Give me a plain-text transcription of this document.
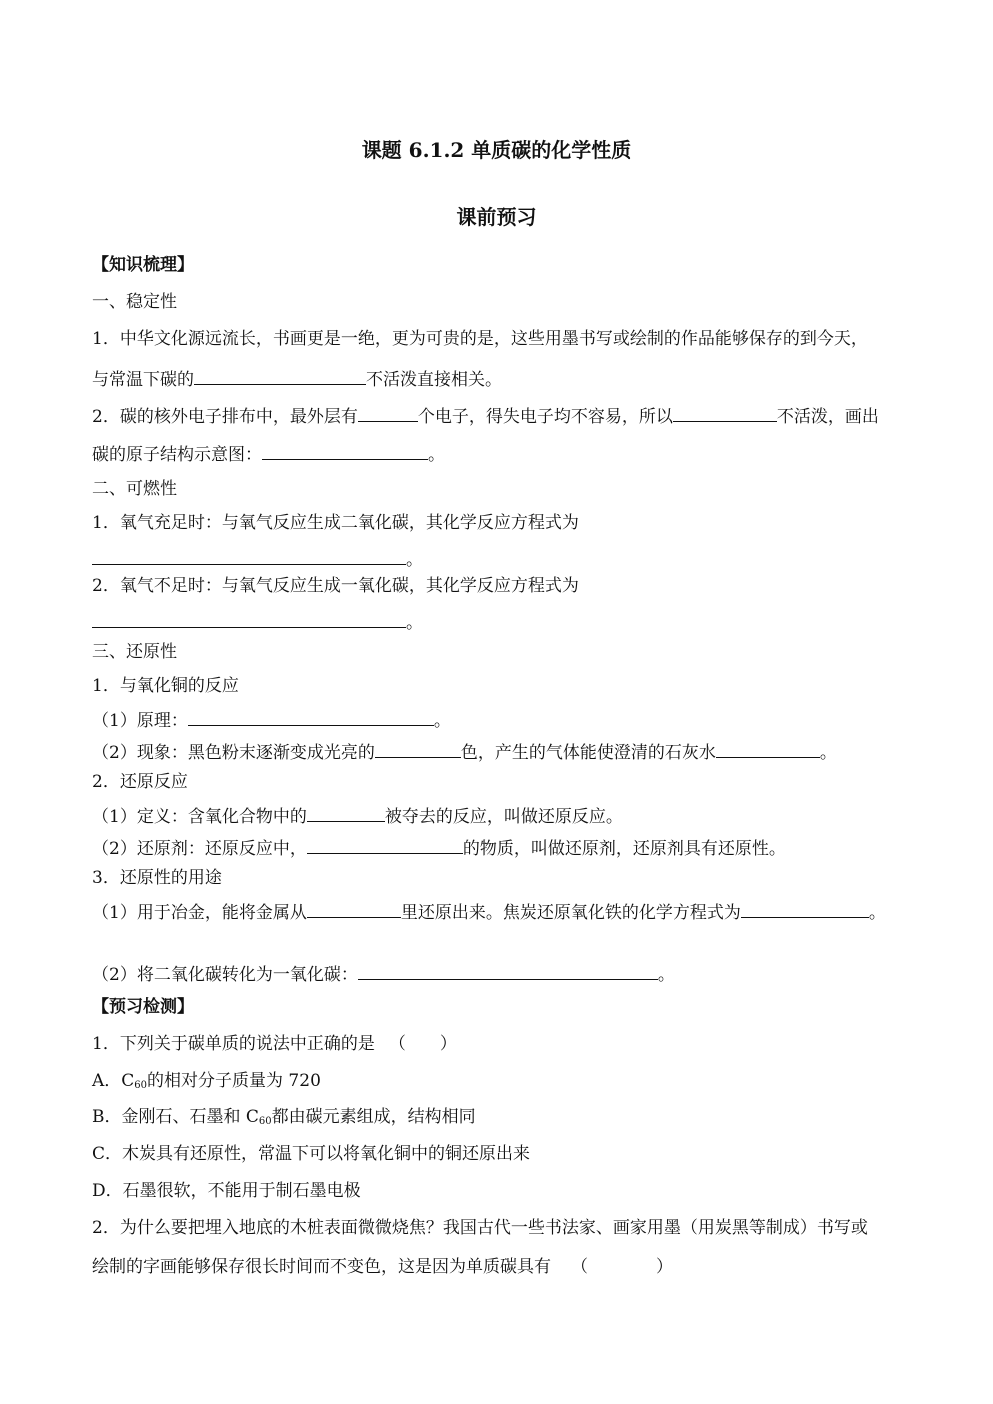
课题 6.1.2 单质碳的化学性质
课前预习
【知识梳理】
一、稳定性
1．中华文化源远流长，书画更是一绝，更为可贵的是，这些用墨书写或绘制的作品能够保存的到今天，
与常温下碳的	不活泼直接相关。
2．碳的核外电子排布中，最外层有	个电子，得失电子均不容易，所以	不活泼，画出
碳的原子结构示意图：	。
二、可燃性
1．氧气充足时：与氧气反应生成二氧化碳，其化学反应方程式为
。
2．氧气不足时：与氧气反应生成一氧化碳，其化学反应方程式为
。
三、还原性
1．与氧化铜的反应
（1）原理：	。
（2）现象：黑色粉末逐渐变成光亮的	色，产生的气体能使澄清的石灰水	。
2．还原反应
（1）定义：含氧化合物中的	被夺去的反应，叫做还原反应。
（2）还原剂：还原反应中，	的物质，叫做还原剂，还原剂具有还原性。
3．还原性的用途
（1）用于冶金，能将金属从	里还原出来。焦炭还原氧化铁的化学方程式为	。
（2）将二氧化碳转化为一氧化碳：	。
【预习检测】
1．下列关于碳单质的说法中正确的是 （　　）
A．$C_{60}$的相对分子质量为 720
B．金刚石、石墨和 $C_{60}$都由碳元素组成，结构相同
C．木炭具有还原性，常温下可以将氧化铜中的铜还原出来
D．石墨很软，不能用于制石墨电极
2．为什么要把埋入地底的木桩表面微微烧焦？我国古代一些书法家、画家用墨（用炭黑等制成）书写或
绘制的字画能够保存很长时间而不变色，这是因为单质碳具有 （　　　　）
